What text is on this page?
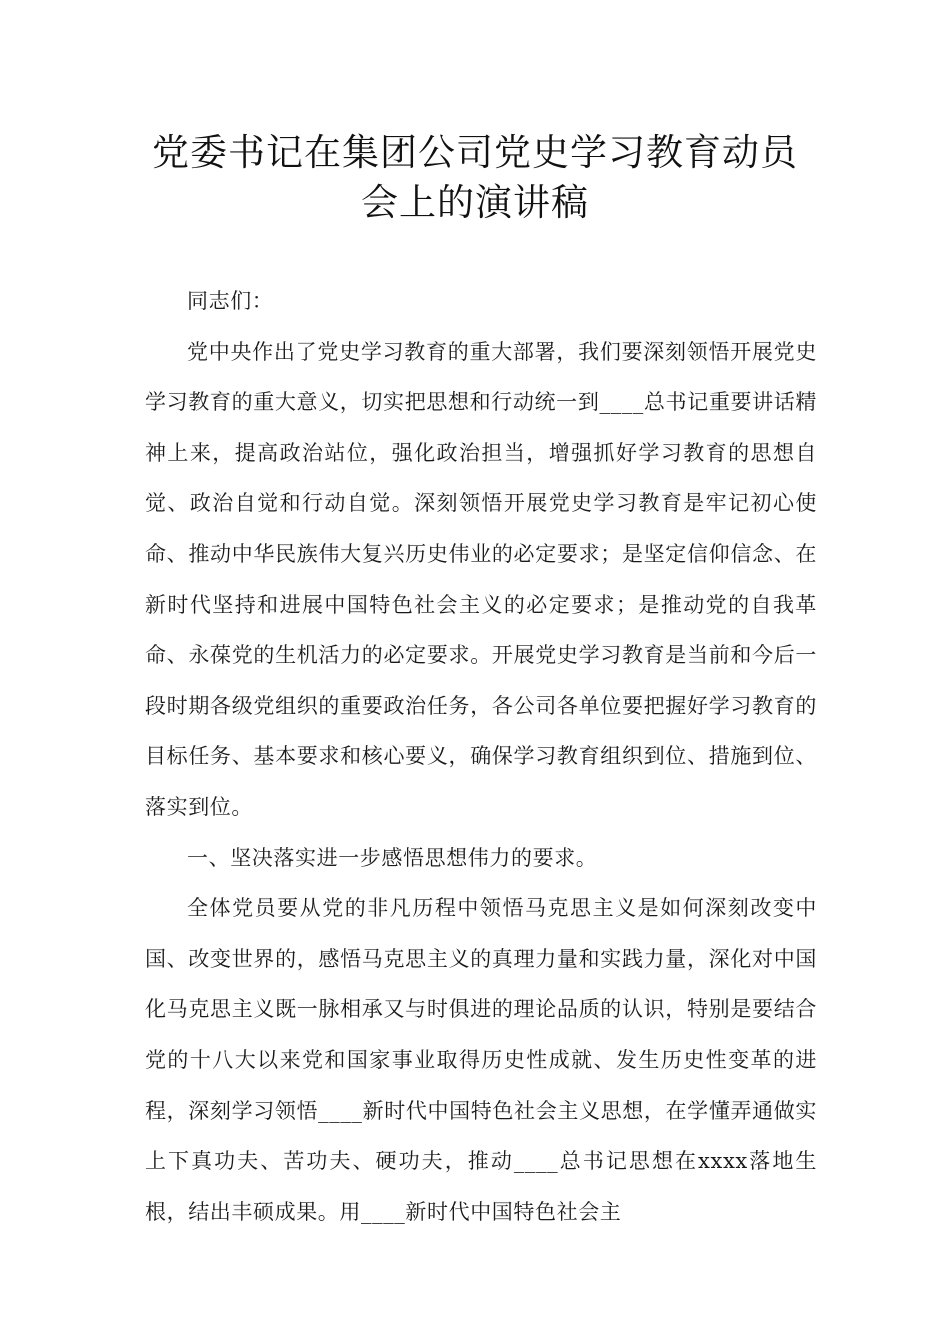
党委书记在集团公司党史学习教育动员
会上的演讲稿

同志们：

党中央作出了党史学习教育的重大部署，我们要深刻领悟开展党史学习教育的重大意义，切实把思想和行动统一到____总书记重要讲话精神上来，提高政治站位，强化政治担当，增强抓好学习教育的思想自觉、政治自觉和行动自觉。深刻领悟开展党史学习教育是牢记初心使命、推动中华民族伟大复兴历史伟业的必定要求；是坚定信仰信念、在新时代坚持和进展中国特色社会主义的必定要求；是推动党的自我革命、永葆党的生机活力的必定要求。开展党史学习教育是当前和今后一段时期各级党组织的重要政治任务，各公司各单位要把握好学习教育的目标任务、基本要求和核心要义，确保学习教育组织到位、措施到位、落实到位。

一、坚决落实进一步感悟思想伟力的要求。

全体党员要从党的非凡历程中领悟马克思主义是如何深刻改变中国、改变世界的，感悟马克思主义的真理力量和实践力量，深化对中国化马克思主义既一脉相承又与时俱进的理论品质的认识，特别是要结合党的十八大以来党和国家事业取得历史性成就、发生历史性变革的进程，深刻学习领悟____新时代中国特色社会主义思想，在学懂弄通做实上下真功夫、苦功夫、硬功夫，推动____总书记思想在xxxx落地生根，结出丰硕成果。用____新时代中国特色社会主
